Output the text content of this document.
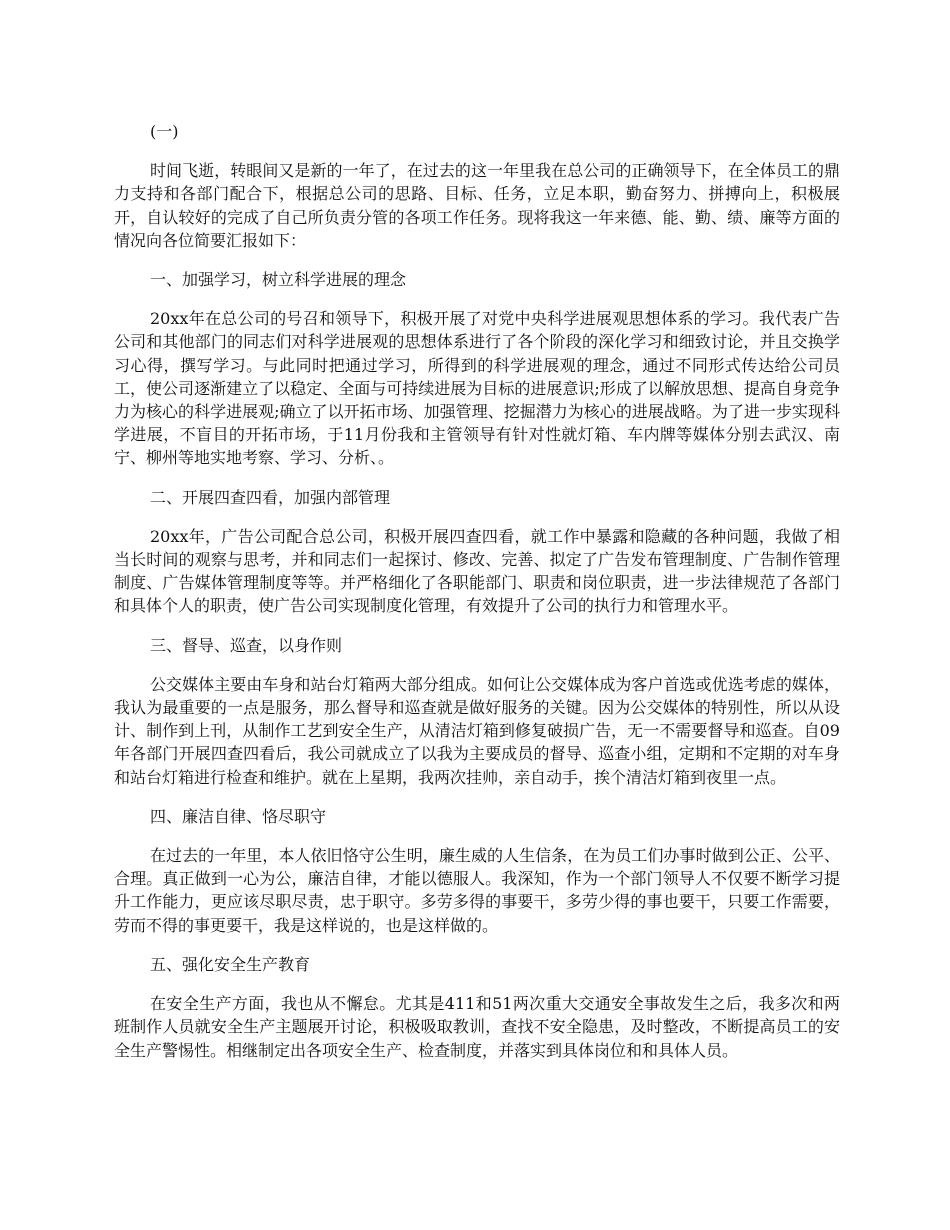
(一)

时间飞逝，转眼间又是新的一年了，在过去的这一年里我在总公司的正确领导下，在全体员工的鼎力支持和各部门配合下，根据总公司的思路、目标、任务，立足本职，勤奋努力、拼搏向上，积极展开，自认较好的完成了自己所负责分管的各项工作任务。现将我这一年来德、能、勤、绩、廉等方面的情况向各位简要汇报如下：

一、加强学习，树立科学进展的理念

20xx年在总公司的号召和领导下，积极开展了对党中央科学进展观思想体系的学习。我代表广告公司和其他部门的同志们对科学进展观的思想体系进行了各个阶段的深化学习和细致讨论，并且交换学习心得，撰写学习。与此同时把通过学习，所得到的科学进展观的理念，通过不同形式传达给公司员工，使公司逐渐建立了以稳定、全面与可持续进展为目标的进展意识;形成了以解放思想、提高自身竞争力为核心的科学进展观;确立了以开拓市场、加强管理、挖掘潜力为核心的进展战略。为了进一步实现科学进展，不盲目的开拓市场，于11月份我和主管领导有针对性就灯箱、车内牌等媒体分别去武汉、南宁、柳州等地实地考察、学习、分析、。

二、开展四查四看，加强内部管理

20xx年，广告公司配合总公司，积极开展四查四看，就工作中暴露和隐藏的各种问题，我做了相当长时间的观察与思考，并和同志们一起探讨、修改、完善、拟定了广告发布管理制度、广告制作管理制度、广告媒体管理制度等等。并严格细化了各职能部门、职责和岗位职责，进一步法律规范了各部门和具体个人的职责，使广告公司实现制度化管理，有效提升了公司的执行力和管理水平。

三、督导、巡查，以身作则

公交媒体主要由车身和站台灯箱两大部分组成。如何让公交媒体成为客户首选或优选考虑的媒体，我认为最重要的一点是服务，那么督导和巡查就是做好服务的关键。因为公交媒体的特别性，所以从设计、制作到上刊，从制作工艺到安全生产，从清洁灯箱到修复破损广告，无一不需要督导和巡查。自09年各部门开展四查四看后，我公司就成立了以我为主要成员的督导、巡查小组，定期和不定期的对车身和站台灯箱进行检查和维护。就在上星期，我两次挂帅，亲自动手，挨个清洁灯箱到夜里一点。

四、廉洁自律、恪尽职守

在过去的一年里，本人依旧恪守公生明，廉生威的人生信条，在为员工们办事时做到公正、公平、合理。真正做到一心为公，廉洁自律，才能以德服人。我深知，作为一个部门领导人不仅要不断学习提升工作能力，更应该尽职尽责，忠于职守。多劳多得的事要干，多劳少得的事也要干，只要工作需要，劳而不得的事更要干，我是这样说的，也是这样做的。

五、强化安全生产教育

在安全生产方面，我也从不懈怠。尤其是411和51两次重大交通安全事故发生之后，我多次和两班制作人员就安全生产主题展开讨论，积极吸取教训，查找不安全隐患，及时整改，不断提高员工的安全生产警惕性。相继制定出各项安全生产、检查制度，并落实到具体岗位和和具体人员。
